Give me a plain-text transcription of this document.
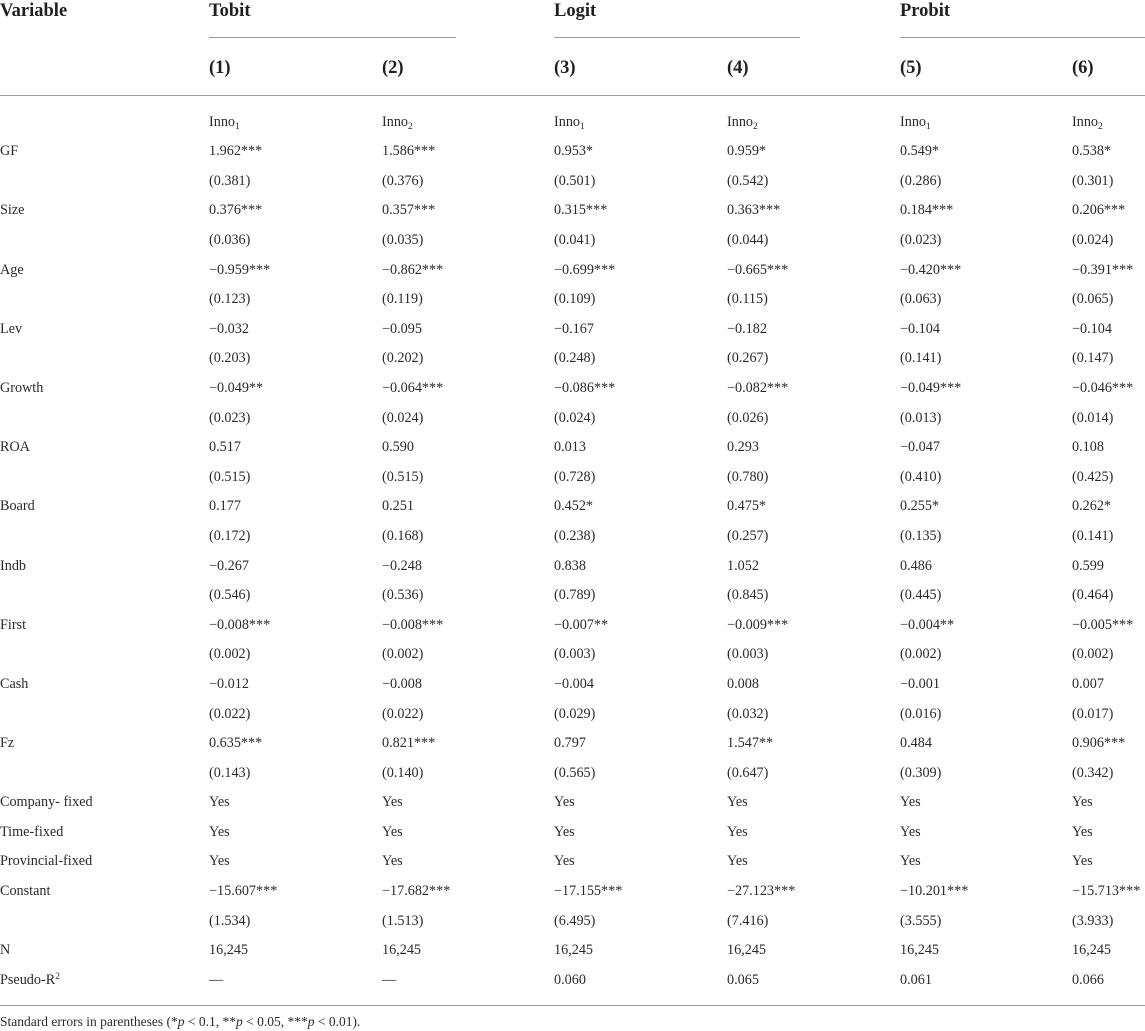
Variable	Tobit	Logit	Probit
(1)	(2)	(3)	(4)	(5)	(6)
Inno$_1$	Inno$_2$	Inno$_1$	Inno$_2$	Inno$_1$	Inno$_2$
GF	1.962***	1.586***	0.953*	0.959*	0.549*	0.538*
(0.381)	(0.376)	(0.501)	(0.542)	(0.286)	(0.301)
Size	0.376***	0.357***	0.315***	0.363***	0.184***	0.206***
(0.036)	(0.035)	(0.041)	(0.044)	(0.023)	(0.024)
Age	−0.959***	−0.862***	−0.699***	−0.665***	−0.420***	−0.391***
(0.123)	(0.119)	(0.109)	(0.115)	(0.063)	(0.065)
Lev	−0.032	−0.095	−0.167	−0.182	−0.104	−0.104
(0.203)	(0.202)	(0.248)	(0.267)	(0.141)	(0.147)
Growth	−0.049**	−0.064***	−0.086***	−0.082***	−0.049***	−0.046***
(0.023)	(0.024)	(0.024)	(0.026)	(0.013)	(0.014)
ROA	0.517	0.590	0.013	0.293	−0.047	0.108
(0.515)	(0.515)	(0.728)	(0.780)	(0.410)	(0.425)
Board	0.177	0.251	0.452*	0.475*	0.255*	0.262*
(0.172)	(0.168)	(0.238)	(0.257)	(0.135)	(0.141)
Indb	−0.267	−0.248	0.838	1.052	0.486	0.599
(0.546)	(0.536)	(0.789)	(0.845)	(0.445)	(0.464)
First	−0.008***	−0.008***	−0.007**	−0.009***	−0.004**	−0.005***
(0.002)	(0.002)	(0.003)	(0.003)	(0.002)	(0.002)
Cash	−0.012	−0.008	−0.004	0.008	−0.001	0.007
(0.022)	(0.022)	(0.029)	(0.032)	(0.016)	(0.017)
Fz	0.635***	0.821***	0.797	1.547**	0.484	0.906***
(0.143)	(0.140)	(0.565)	(0.647)	(0.309)	(0.342)
Company- fixed	Yes	Yes	Yes	Yes	Yes	Yes
Time-fixed	Yes	Yes	Yes	Yes	Yes	Yes
Provincial-fixed	Yes	Yes	Yes	Yes	Yes	Yes
Constant	−15.607***	−17.682***	−17.155***	−27.123***	−10.201***	−15.713***
(1.534)	(1.513)	(6.495)	(7.416)	(3.555)	(3.933)
N	16,245	16,245	16,245	16,245	16,245	16,245
Pseudo-$R^2$	—	—	0.060	0.065	0.061	0.066
Standard errors in parentheses (*p < 0.1, **p < 0.05, ***p < 0.01).
